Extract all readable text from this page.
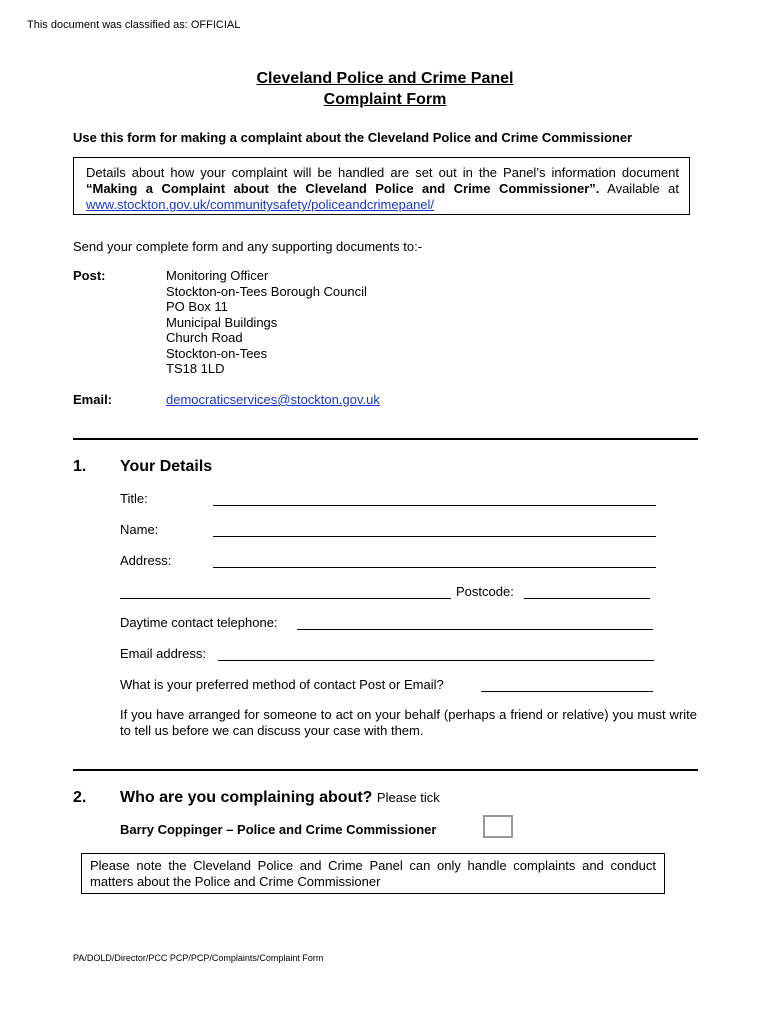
This document was classified as: OFFICIAL
Cleveland Police and Crime Panel
Complaint Form
Use this form for making a complaint about the Cleveland Police and Crime Commissioner
Details about how your complaint will be handled are set out in the Panel’s information document “Making a Complaint about the Cleveland Police and Crime Commissioner”. Available at www.stockton.gov.uk/communitysafety/policeandcrimepanel/
Send your complete form and any supporting documents to:-
Post:	Monitoring Officer
Stockton-on-Tees Borough Council
PO Box 11
Municipal Buildings
Church Road
Stockton-on-Tees
TS18 1LD
Email:	democraticservices@stockton.gov.uk
1. Your Details
Title:
Name:
Address:
Postcode:
Daytime contact telephone:
Email address:
What is your preferred method of contact Post or Email?
If you have arranged for someone to act on your behalf (perhaps a friend or relative) you must write to tell us before we can discuss your case with them.
2. Who are you complaining about? Please tick
Barry Coppinger – Police and Crime Commissioner
Please note the Cleveland Police and Crime Panel can only handle complaints and conduct matters about the Police and Crime Commissioner
PA/DOLD/Director/PCC PCP/PCP/Complaints/Complaint Form
